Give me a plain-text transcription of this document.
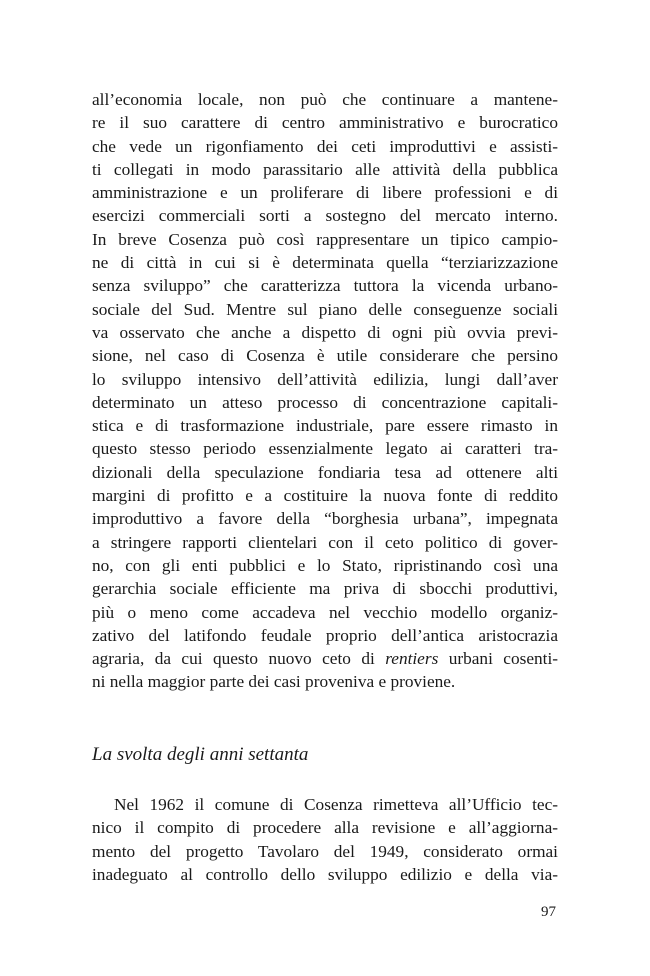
all’economia locale, non può che continuare a mantene-
re il suo carattere di centro amministrativo e burocratico
che vede un rigonfiamento dei ceti improduttivi e assisti-
ti collegati in modo parassitario alle attività della pubblica
amministrazione e un proliferare di libere professioni e di
esercizi commerciali sorti a sostegno del mercato interno.
In breve Cosenza può così rappresentare un tipico campio-
ne di città in cui si è determinata quella “terziarizzazione
senza sviluppo” che caratterizza tuttora la vicenda urbano-
sociale del Sud. Mentre sul piano delle conseguenze sociali
va osservato che anche a dispetto di ogni più ovvia previ-
sione, nel caso di Cosenza è utile considerare che persino
lo sviluppo intensivo dell’attività edilizia, lungi dall’aver
determinato un atteso processo di concentrazione capitali-
stica e di trasformazione industriale, pare essere rimasto in
questo stesso periodo essenzialmente legato ai caratteri tra-
dizionali della speculazione fondiaria tesa ad ottenere alti
margini di profitto e a costituire la nuova fonte di reddito
improduttivo a favore della “borghesia urbana”, impegnata
a stringere rapporti clientelari con il ceto politico di gover-
no, con gli enti pubblici e lo Stato, ripristinando così una
gerarchia sociale efficiente ma priva di sbocchi produttivi,
più o meno come accadeva nel vecchio modello organiz-
zativo del latifondo feudale proprio dell’antica aristocrazia
agraria, da cui questo nuovo ceto di rentiers urbani cosenti-
ni nella maggior parte dei casi proveniva e proviene.
La svolta degli anni settanta
Nel 1962 il comune di Cosenza rimetteva all’Ufficio tec-
nico il compito di procedere alla revisione e all’aggiorna-
mento del progetto Tavolaro del 1949, considerato ormai
inadeguato al controllo dello sviluppo edilizio e della via-
97
